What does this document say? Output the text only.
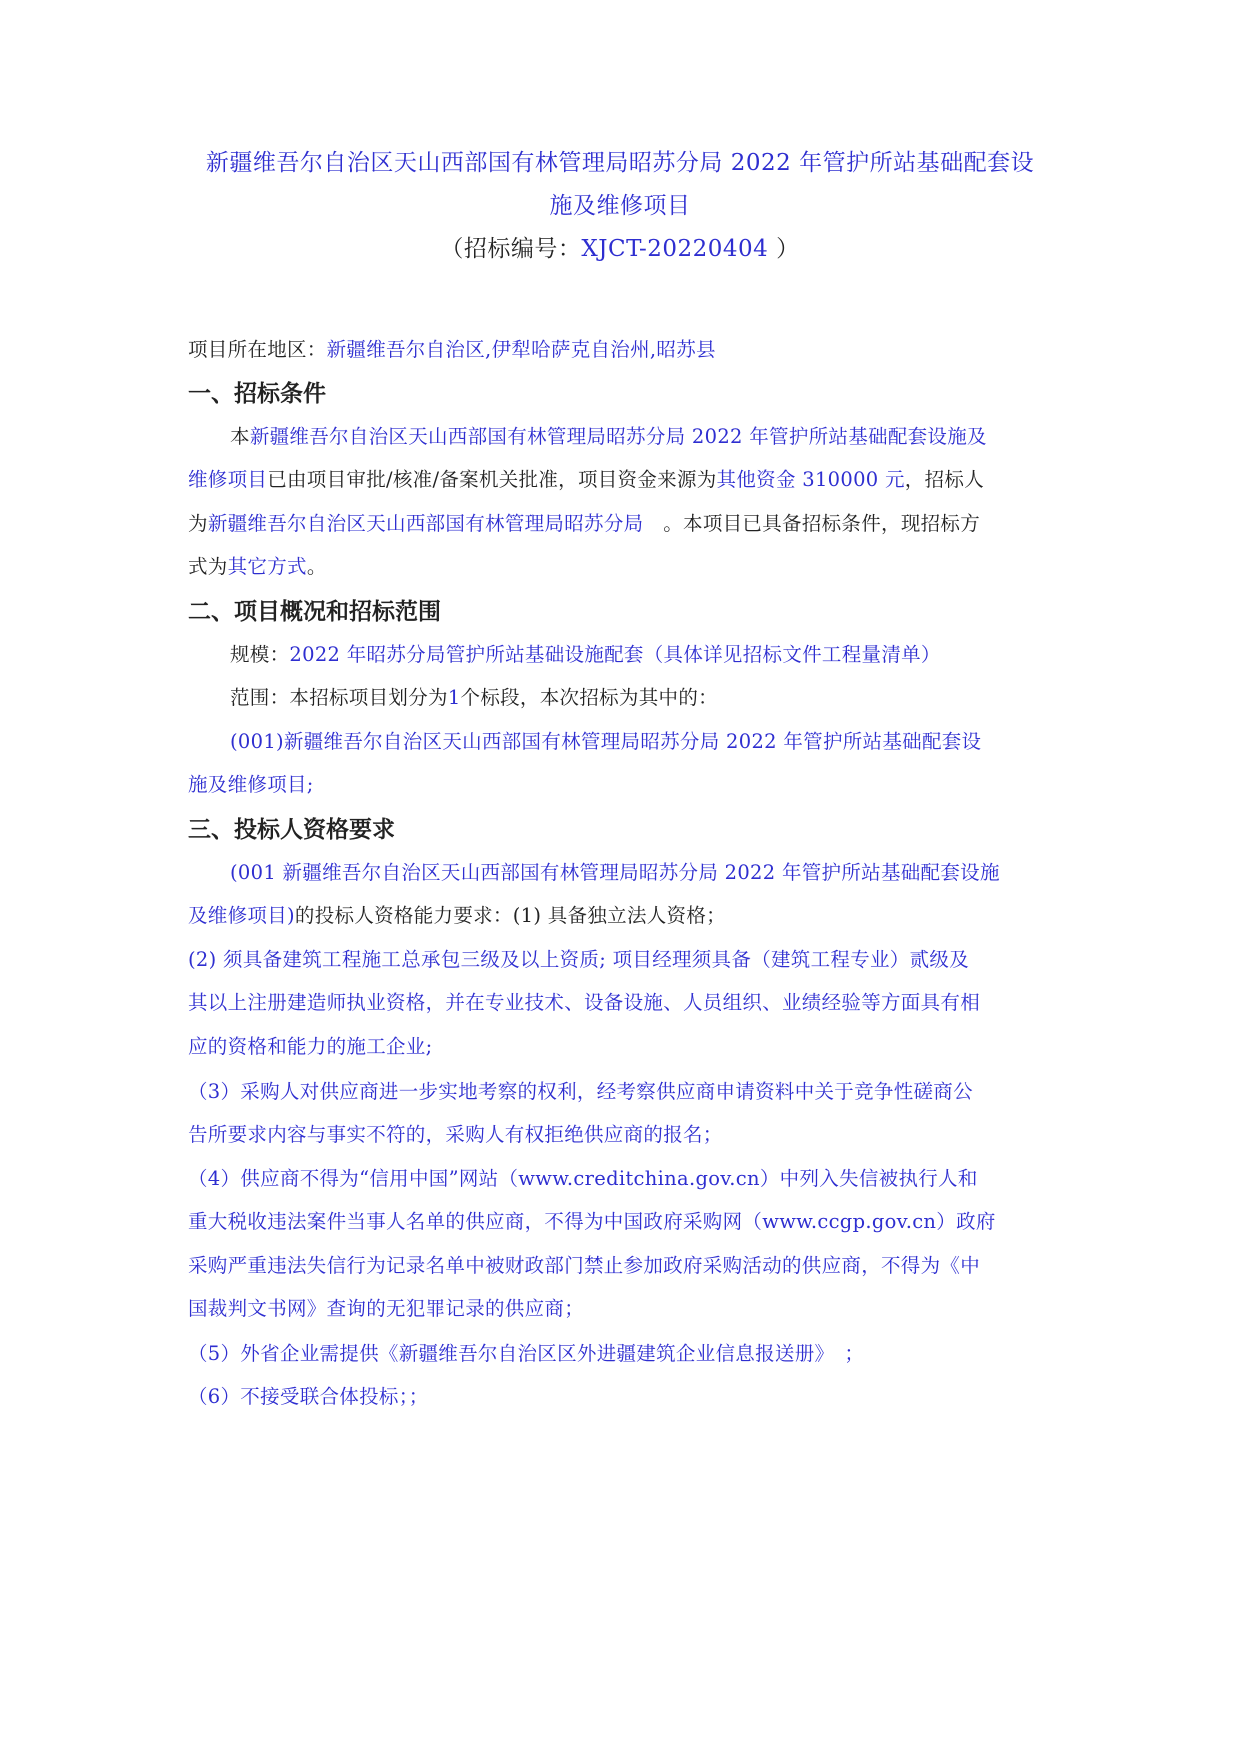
新疆维吾尔自治区天山西部国有林管理局昭苏分局 2022 年管护所站基础配套设
施及维修项目
（招标编号：XJCT-20220404 ）
项目所在地区：新疆维吾尔自治区,伊犁哈萨克自治州,昭苏县
一、招标条件
本新疆维吾尔自治区天山西部国有林管理局昭苏分局 2022 年管护所站基础配套设施及
维修项目已由项目审批/核准/备案机关批准，项目资金来源为其他资金 310000 元，招标人
为新疆维吾尔自治区天山西部国有林管理局昭苏分局　。本项目已具备招标条件，现招标方
式为其它方式。
二、项目概况和招标范围
规模：2022 年昭苏分局管护所站基础设施配套（具体详见招标文件工程量清单）
范围：本招标项目划分为1个标段，本次招标为其中的：
(001)新疆维吾尔自治区天山西部国有林管理局昭苏分局 2022 年管护所站基础配套设
施及维修项目;
三、投标人资格要求
(001 新疆维吾尔自治区天山西部国有林管理局昭苏分局 2022 年管护所站基础配套设施
及维修项目)的投标人资格能力要求：(1) 具备独立法人资格；
(2) 须具备建筑工程施工总承包三级及以上资质; 项目经理须具备（建筑工程专业）贰级及
其以上注册建造师执业资格，并在专业技术、设备设施、人员组织、业绩经验等方面具有相
应的资格和能力的施工企业;
（3）采购人对供应商进一步实地考察的权利，经考察供应商申请资料中关于竞争性磋商公
告所要求内容与事实不符的，采购人有权拒绝供应商的报名；
（4）供应商不得为“信用中国”网站（www.creditchina.gov.cn）中列入失信被执行人和
重大税收违法案件当事人名单的供应商，不得为中国政府采购网（www.ccgp.gov.cn）政府
采购严重违法失信行为记录名单中被财政部门禁止参加政府采购活动的供应商，不得为《中
国裁判文书网》查询的无犯罪记录的供应商；
（5）外省企业需提供《新疆维吾尔自治区区外进疆建筑企业信息报送册》　；
（6）不接受联合体投标；；
